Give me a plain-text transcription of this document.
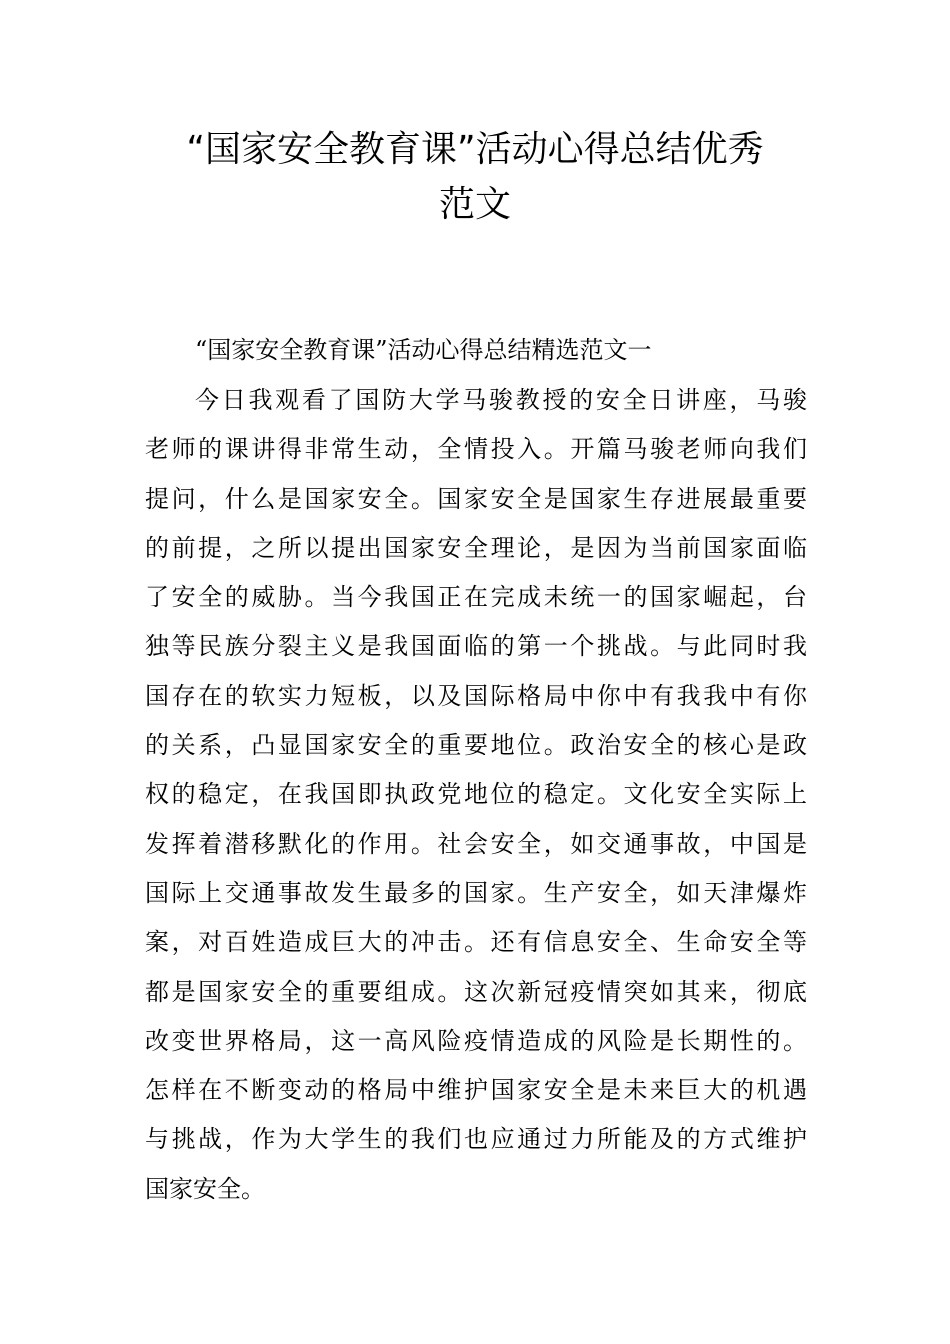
“国家安全教育课”活动心得总结优秀
范文

“国家安全教育课”活动心得总结精选范文一

今日我观看了国防大学马骏教授的安全日讲座，马骏
老师的课讲得非常生动，全情投入。开篇马骏老师向我们
提问，什么是国家安全。国家安全是国家生存进展最重要
的前提，之所以提出国家安全理论，是因为当前国家面临
了安全的威胁。当今我国正在完成未统一的国家崛起，台
独等民族分裂主义是我国面临的第一个挑战。与此同时我
国存在的软实力短板，以及国际格局中你中有我我中有你
的关系，凸显国家安全的重要地位。政治安全的核心是政
权的稳定，在我国即执政党地位的稳定。文化安全实际上
发挥着潜移默化的作用。社会安全，如交通事故，中国是
国际上交通事故发生最多的国家。生产安全，如天津爆炸
案，对百姓造成巨大的冲击。还有信息安全、生命安全等
都是国家安全的重要组成。这次新冠疫情突如其来，彻底
改变世界格局，这一高风险疫情造成的风险是长期性的。
怎样在不断变动的格局中维护国家安全是未来巨大的机遇
与挑战，作为大学生的我们也应通过力所能及的方式维护
国家安全。
